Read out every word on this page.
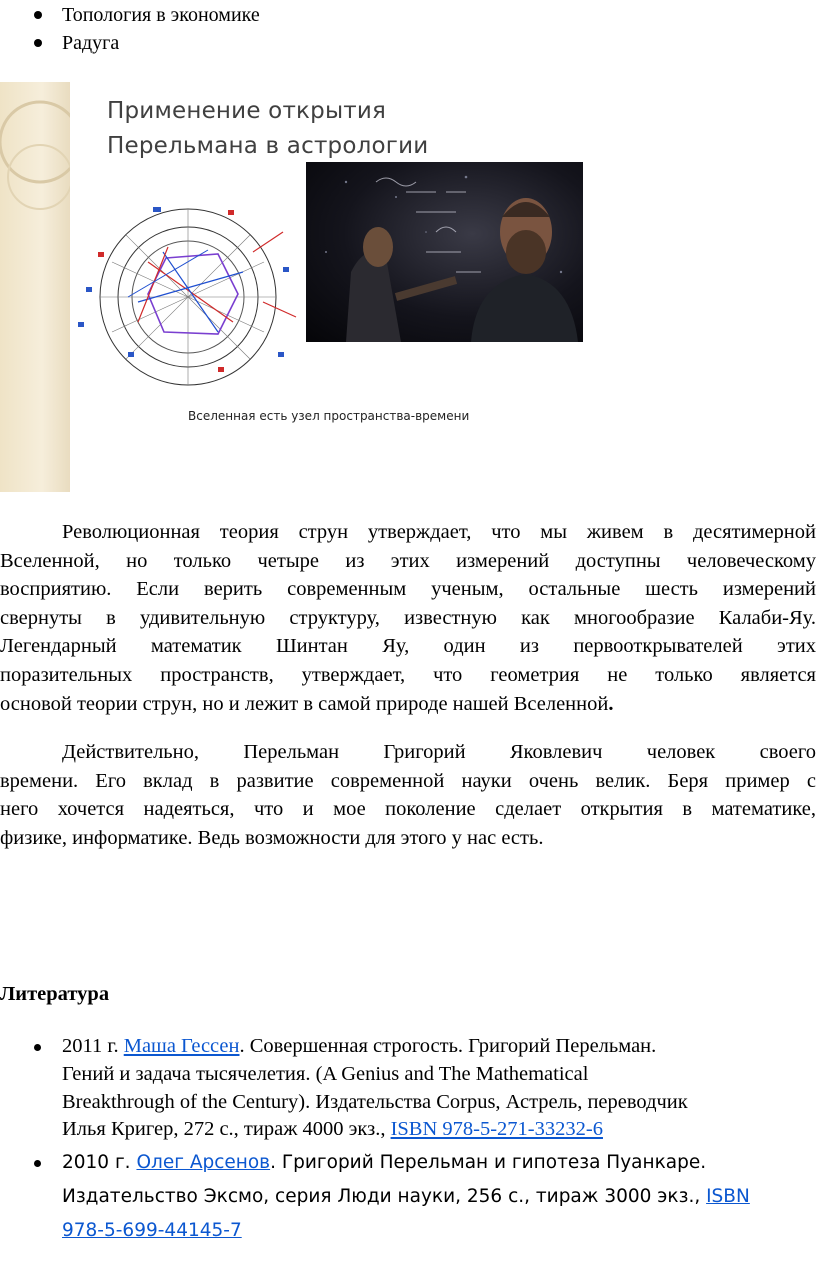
Топология в экономике
Радуга
Применение открытия
Перельмана в астрологии
Вселенная есть узел пространства-времени
Революционная теория струн утверждает, что мы живем в десятимерной
Вселенной, но только четыре из этих измерений доступны человеческому
восприятию. Если верить современным ученым, остальные шесть измерений
свернуты в удивительную структуру, известную как многообразие Калаби-Яу.
Легендарный математик Шинтан Яу, один из первооткрывателей этих
поразительных пространств, утверждает, что геометрия не только является
основой теории струн, но и лежит в самой природе нашей Вселенной.
Действительно, Перельман Григорий Яковлевич человек своего
времени. Его вклад в развитие современной науки очень велик. Беря пример с
него хочется надеяться, что и мое поколение сделает открытия в математике,
физике, информатике. Ведь возможности для этого у нас есть.
Литература
2011 г. Маша Гессен. Совершенная строгость. Григорий Перельман.
Гений и задача тысячелетия. (A Genius and The Mathematical
Breakthrough of the Century). Издательства Corpus, Астрель, переводчик
Илья Кригер, 272 с., тираж 4000 экз., ISBN 978-5-271-33232-6
2010 г. Олег Арсенов. Григорий Перельман и гипотеза Пуанкаре.
Издательство Эксмо, серия Люди науки, 256 с., тираж 3000 экз., ISBN
978-5-699-44145-7
